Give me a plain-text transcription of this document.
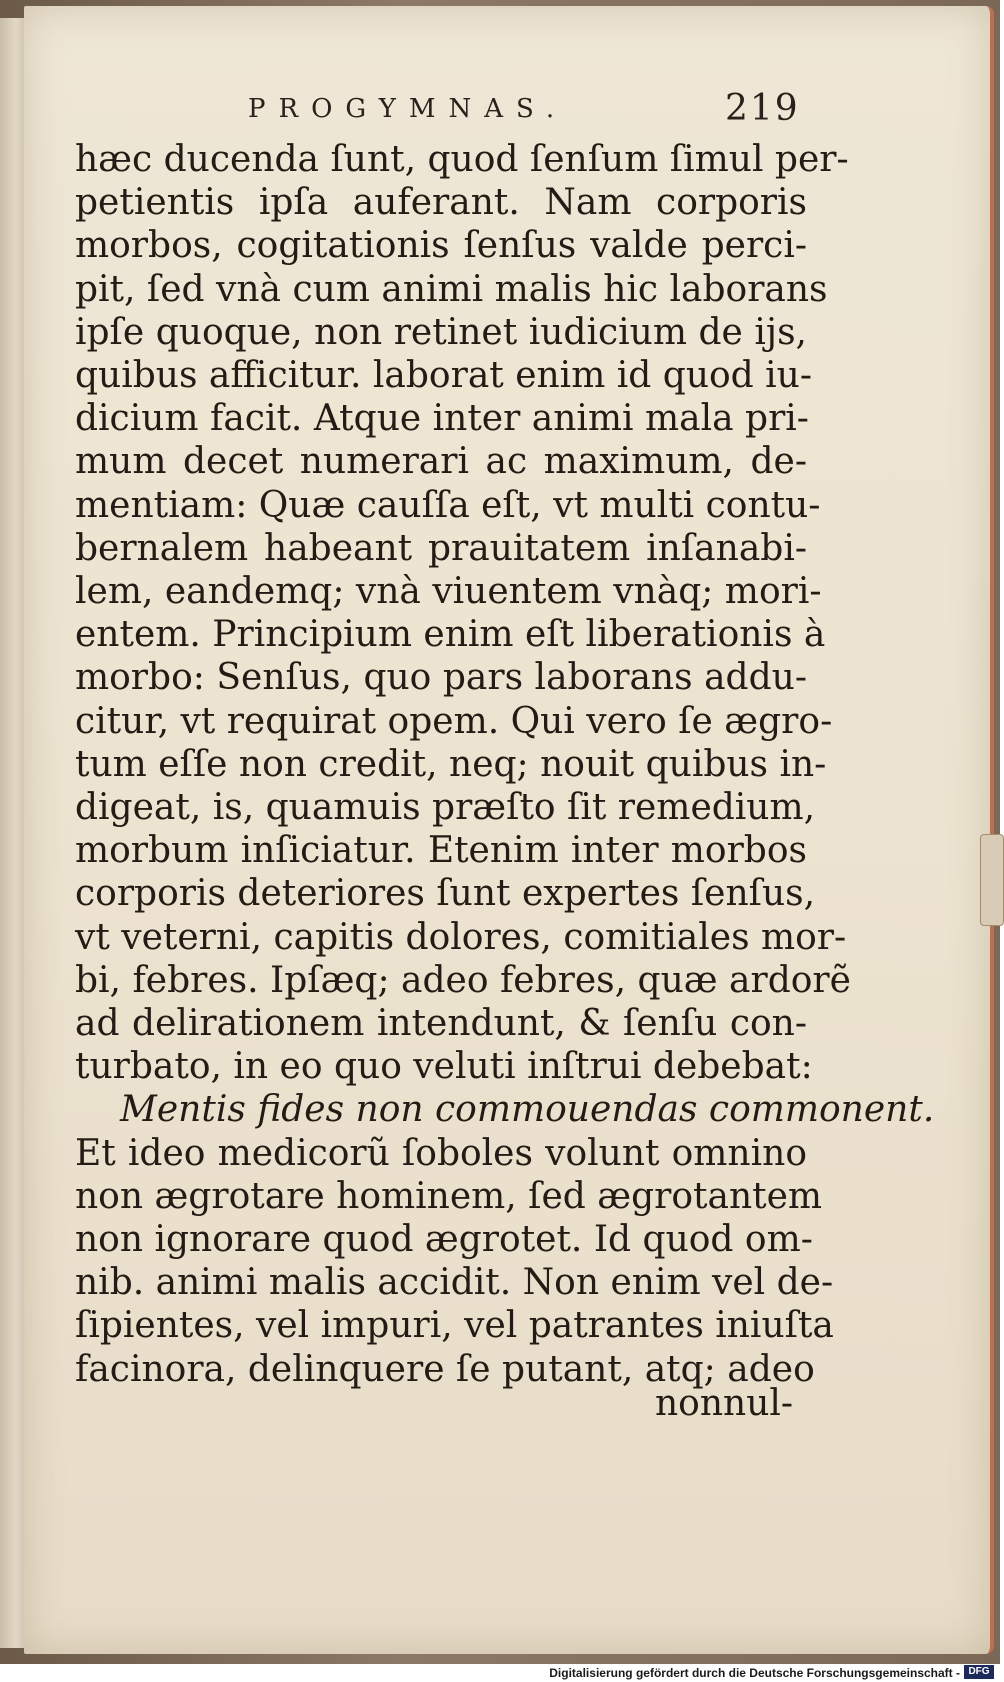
PROGYMNAS.	219
hæc ducenda ſunt, quod ſenſum ſimul per-
petientis ipſa auferant. Nam corporis
morbos, cogitationis ſenſus valde perci-
pit, ſed vnà cum animi malis hic laborans
ipſe quoque, non retinet iudicium de ijs,
quibus afficitur. laborat enim id quod iu-
dicium facit. Atque inter animi mala pri-
mum decet numerari ac maximum, de-
mentiam: Quæ cauſſa eſt, vt multi contu-
bernalem habeant prauitatem inſanabi-
lem, eandemq; vnà viuentem vnàq; mori-
entem. Principium enim eſt liberationis à
morbo: Senſus, quo pars laborans addu-
citur, vt requirat opem. Qui vero ſe ægro-
tum eſſe non credit, neq; nouit quibus in-
digeat, is, quamuis præſto ſit remedium,
morbum inſiciatur. Etenim inter morbos
corporis deteriores ſunt expertes ſenſus,
vt veterni, capitis dolores, comitiales mor-
bi, febres. Ipſæq; adeo febres, quæ ardorẽ
ad delirationem intendunt, & ſenſu con-
turbato, in eo quo veluti inſtrui debebat:
Mentis fides non commouendas commonent.
Et ideo medicorũ ſoboles volunt omnino
non ægrotare hominem, ſed ægrotantem
non ignorare quod ægrotet. Id quod om-
nib. animi malis accidit. Non enim vel de-
ſipientes, vel impuri, vel patrantes iniuſta
facinora, delinquere ſe putant, atq; adeo
nonnul-
Digitalisierung gefördert durch die Deutsche Forschungsgemeinschaft - DFG
